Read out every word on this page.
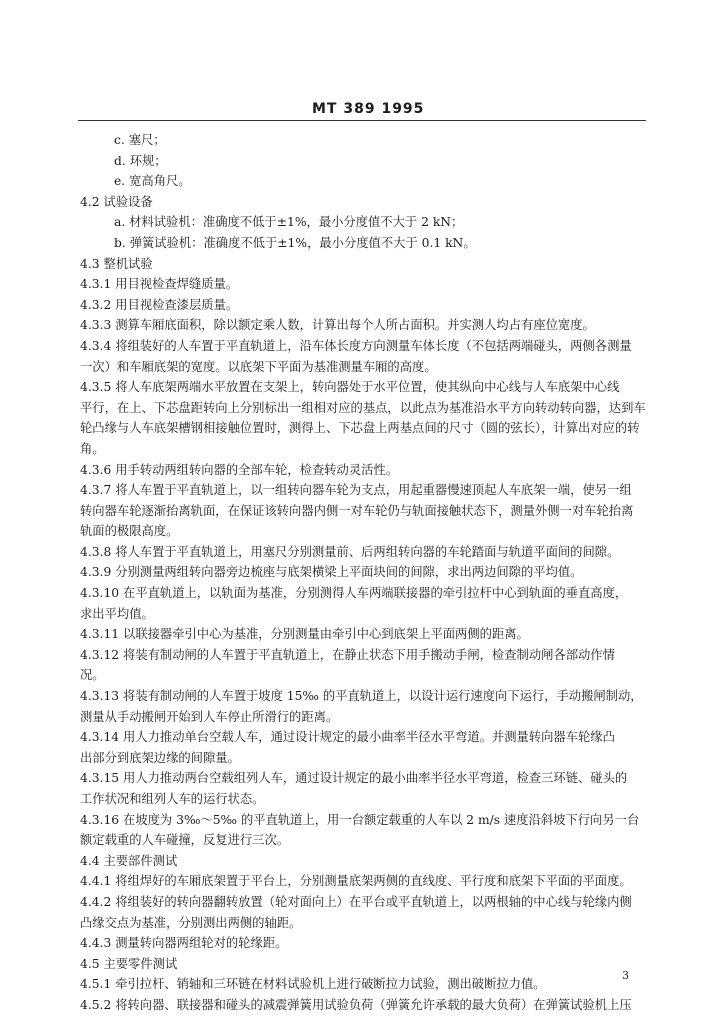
MT 389 1995
c. 塞尺；
d. 环规；
e. 宽高角尺。
4.2 试验设备
a. 材料试验机：准确度不低于±1%，最小分度值不大于 2 kN；
b. 弹簧试验机：准确度不低于±1%，最小分度值不大于 0.1 kN。
4.3 整机试验
4.3.1 用目视检查焊缝质量。
4.3.2 用目视检查漆层质量。
4.3.3 测算车厢底面积，除以额定乘人数，计算出每个人所占面积。并实测人均占有座位宽度。
4.3.4 将组装好的人车置于平直轨道上，沿车体长度方向测量车体长度（不包括两端碰头，两侧各测量
一次）和车厢底架的宽度。以底架下平面为基准测量车厢的高度。
4.3.5 将人车底架两端水平放置在支架上，转向器处于水平位置，使其纵向中心线与人车底架中心线
平行，在上、下芯盘距转向上分别标出一组相对应的基点，以此点为基准沿水平方向转动转向器，达到车
轮凸缘与人车底架槽钢相接触位置时，测得上、下芯盘上两基点间的尺寸（圆的弦长），计算出对应的转
角。
4.3.6 用手转动两组转向器的全部车轮，检查转动灵活性。
4.3.7 将人车置于平直轨道上，以一组转向器车轮为支点，用起重器慢速顶起人车底架一端，使另一组
转向器车轮逐渐抬离轨面，在保证该转向器内侧一对车轮仍与轨面接触状态下，测量外侧一对车轮抬离
轨面的极限高度。
4.3.8 将人车置于平直轨道上，用塞尺分别测量前、后两组转向器的车轮踏面与轨道平面间的间隙。
4.3.9 分别测量两组转向器旁边梳座与底架横梁上平面块间的间隙，求出两边间隙的平均值。
4.3.10 在平直轨道上，以轨面为基准，分别测得人车两端联接器的牵引拉杆中心到轨面的垂直高度，
求出平均值。
4.3.11 以联接器牵引中心为基准，分别测量由牵引中心到底架上平面两侧的距离。
4.3.12 将装有制动闸的人车置于平直轨道上，在静止状态下用手搬动手闸，检查制动闸各部动作情
况。
4.3.13 将装有制动闸的人车置于坡度 15‰ 的平直轨道上，以设计运行速度向下运行，手动搬闸制动，
测量从手动搬闸开始到人车停止所滑行的距离。
4.3.14 用人力推动单台空载人车，通过设计规定的最小曲率半径水平弯道。并测量转向器车轮缘凸
出部分到底架边缘的间隙量。
4.3.15 用人力推动两台空载组列人车，通过设计规定的最小曲率半径水平弯道，检查三环链、碰头的
工作状况和组列人车的运行状态。
4.3.16 在坡度为 3‰～5‰ 的平直轨道上，用一台额定载重的人车以 2 m/s 速度沿斜坡下行向另一台
额定载重的人车碰撞，反复进行三次。
4.4 主要部件测试
4.4.1 将组焊好的车厢底架置于平台上，分别测量底架两侧的直线度、平行度和底架下平面的平面度。
4.4.2 将组装好的转向器翻转放置（轮对面向上）在平台或平直轨道上，以两根轴的中心线与轮缘内侧
凸缘交点为基准，分别测出两侧的轴距。
4.4.3 测量转向器两组轮对的轮缘距。
4.5 主要零件测试
4.5.1 牵引拉杆、销轴和三环链在材料试验机上进行破断拉力试验，测出破断拉力值。
4.5.2 将转向器、联接器和碰头的减震弹簧用试验负荷（弹簧允许承载的最大负荷）在弹簧试验机上压
3
